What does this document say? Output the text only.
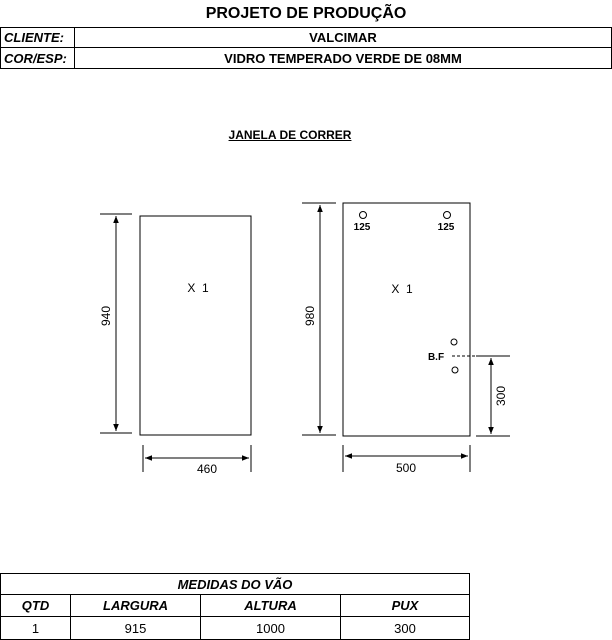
PROJETO DE PRODUÇÃO
CLIENTE:	VALCIMAR
COR/ESP:	VIDRO TEMPERADO VERDE DE 08MM
JANELA DE CORRER
940
460
X  1
980
500
X  1
125	125
B.F
300
MEDIDAS DO VÃO
QTD	LARGURA	ALTURA	PUX
1	915	1000	300
